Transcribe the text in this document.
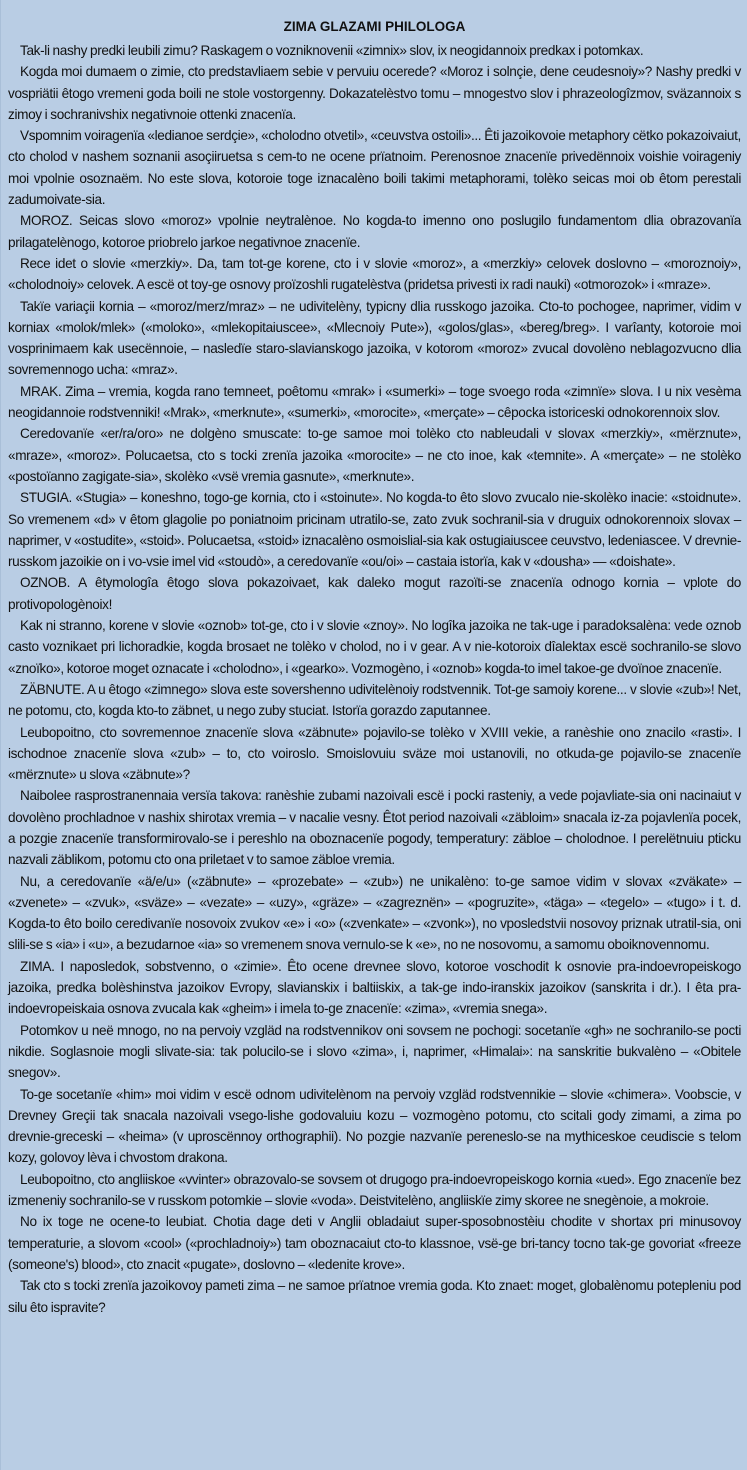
ZIMA GLAZAMI PHILOLOGA

Tak-li nashy predki leubili zimu? Raskagem o vozniknovenii «zimnix» slov, ix neogidannoix predkax i potomkax.

Kogda moi dumaem o zimie, cto predstavliaem sebie v pervuiu ocerede? «Moroz i solnçie, dene ceudesnoiy»? Nashy predki v vospriätii êtogo vremeni goda boili ne stole vostorgenny. Dokazatelèstvo tomu – mnogestvo slov i phrazeologîzmov, sväzannoix s zimoy i sochranivshix negativnoie ottenki znacenïa.

Vspomnim voiragenïa «ledianoe serdçie», «cholodno otvetil», «ceuvstva ostoili»... Êti jazoikovoie metaphory cëtko pokazoivaiut, cto cholod v nashem soznanii asoçiiruetsa s cem-to ne ocene prïatnoim. Perenosnoe znacenïe privedënnoix voishie voirageniy moi vpolnie osoznaëm. No este slova, kotoroie toge iznacalèno boili takimi metaphorami, tolèko seicas moi ob êtom perestali zadumoivate-sia.

MOROZ. Seicas slovo «moroz» vpolnie neytralènoe. No kogda-to imenno ono poslugilo fundamentom dlia obrazovanïa prilagatelènogo, kotoroe priobrelo jarkoe negativnoe znacenïe.

Rece idet o slovie «merzkiy». Da, tam tot-ge korene, cto i v slovie «moroz», a «merzkiy» celovek doslovno – «moroznoiy», «cholodnoiy» celovek. A escë ot toy-ge osnovy proïzoshli rugatelèstva (pridetsa privesti ix radi nauki) «otmorozok» i «mraze».

Takïe variaçii kornia – «moroz/merz/mraz» – ne udivitelèny, typicny dlia russkogo jazoika. Cto-to pochogee, naprimer, vidim v korniax «molok/mlek» («moloko», «mlekopitaiuscee», «Mlecnoiy Pute»), «golos/glas», «bereg/breg». I varîanty, kotoroie moi vosprinimaem kak usecënnoie, – nasledïe staro-slavianskogo jazoika, v kotorom «moroz» zvucal dovolèno neblagozvucno dlia sovremennogo ucha: «mraz».

MRAK. Zima – vremia, kogda rano temneet, poêtomu «mrak» i «sumerki» – toge svoego roda «zimnïe» slova. I u nix vesèma neogidannoie rodstvenniki! «Mrak», «merknute», «sumerki», «morocite», «merçate» – cêpocka istoriceski odnokorennoix slov.

Ceredovanïe «er/ra/oro» ne dolgèno smuscate: to-ge samoe moi tolèko cto nableudali v slovax «merzkiy», «mërznute», «mraze», «moroz». Polucaetsa, cto s tocki zrenïa jazoika «morocite» – ne cto inoe, kak «temnite». A «merçate» – ne stolèko «postoïanno zagigate-sia», skolèko «vsë vremia gasnute», «merknute».

STUGIA. «Stugia» – koneshno, togo-ge kornia, cto i «stoinute». No kogda-to êto slovo zvucalo nie-skolèko inacie: «stoidnute». So vremenem «d» v êtom glagolie po poniatnoim pricinam utratilo-se, zato zvuk sochranil-sia v druguix odnokorennoix slovax – naprimer, v «ostudite», «stoid». Polucaetsa, «stoid» iznacalèno osmoislial-sia kak ostugiaiuscee ceuvstvo, ledeniascee. V drevnie-russkom jazoikie on i vo-vsie imel vid «stoudò», a ceredovanïe «ou/oi» – castaia istorïa, kak v «dousha» — «doishate».

OZNOB. A êtymologîa êtogo slova pokazoivaet, kak daleko mogut razoïti-se znacenïa odnogo kornia – vplote do protivopologènoix!

Kak ni stranno, korene v slovie «oznob» tot-ge, cto i v slovie «znoy». No logîka jazoika ne tak-uge i paradoksalèna: vede oznob casto voznikaet pri lichoradkie, kogda brosaet ne tolèko v cholod, no i v gear. A v nie-kotoroix dîalektax escë sochranilo-se slovo «znoïko», kotoroe moget oznacate i «cholodno», i «gearko». Vozmogèno, i «oznob» kogda-to imel takoe-ge dvoïnoe znacenïe.

ZÄBNUTE. A u êtogo «zimnego» slova este sovershenno udivitelènoiy rodstvennik. Tot-ge samoiy korene... v slovie «zub»! Net, ne potomu, cto, kogda kto-to zäbnet, u nego zuby stuciat. Istorïa gorazdo zaputannee.

Leubopoitno, cto sovremennoe znacenïe slova «zäbnute» pojavilo-se tolèko v XVIII vekie, a ranèshie ono znacilo «rasti». I ischodnoe znacenïe slova «zub» – to, cto voiroslo. Smoislovuiu sväze moi ustanovili, no otkuda-ge pojavilo-se znacenïe «mërznute» u slova «zäbnute»?

Naibolee rasprostranennaia versïa takova: ranèshie zubami nazoivali escë i pocki rasteniy, a vede pojavliate-sia oni nacinaiut v dovolèno prochladnoe v nashix shirotax vremia – v nacalie vesny. Êtot period nazoivali «zäbloim» snacala iz-za pojavlenïa pocek, a pozgie znacenïe transformirovalo-se i pereshlo na oboznacenïe pogody, temperatury: zäbloe – cholodnoe. I perelëtnuiu pticku nazvali zäblikom, potomu cto ona priletaet v to samoe zäbloe vremia.

Nu, a ceredovanïe «ä/e/u» («zäbnute» – «prozebate» – «zub») ne unikalèno: to-ge samoe vidim v slovax «zväkate» – «zvenete» – «zvuk», «sväze» – «vezate» – «uzy», «gräze» – «zagreznën» – «pogruzite», «täga» – «tegelo» – «tugo» i t. d. Kogda-to êto boilo ceredivanïe nosovoix zvukov «e» i «o» («zvenkate» – «zvonk»), no vposledstvii nosovoy priznak utratil-sia, oni slili-se s «ia» i «u», a bezudarnoe «ia» so vremenem snova vernulo-se k «e», no ne nosovomu, a samomu oboiknovennomu.

ZIMA. I naposledok, sobstvenno, o «zimie». Êto ocene drevnee slovo, kotoroe voschodit k osnovie pra-indoevropeiskogo jazoika, predka bolèshinstva jazoikov Evropy, slavianskix i baltiiskix, a tak-ge indo-iranskix jazoikov (sanskrita i dr.). I êta pra-indoevropeiskaia osnova zvucala kak «gheim» i imela to-ge znacenïe: «zima», «vremia snega».

Potomkov u neë mnogo, no na pervoiy vzgläd na rodstvennikov oni sovsem ne pochogi: socetanïe «gh» ne sochranilo-se pocti nikdie. Soglasnoie mogli slivate-sia: tak polucilo-se i slovo «zima», i, naprimer, «Himalai»: na sanskritie bukvalèno – «Obitele snegov».

To-ge socetanïe «him» moi vidim v escë odnom udivitelènom na pervoiy vzgläd rodstvennikie – slovie «chimera». Voobscie, v Drevney Greçii tak snacala nazoivali vsego-lishe godovaluiu kozu – vozmogèno potomu, cto scitali gody zimami, a zima po drevnie-greceski – «heima» (v uproscënnoy orthographii). No pozgie nazvanïe pereneslo-se na mythiceskoe ceudiscie s telom kozy, golovoy lèva i chvostom drakona.

Leubopoitno, cto angliiskoe «vvinter» obrazovalo-se sovsem ot drugogo pra-indoevropeiskogo kornia «ued». Ego znacenïe bez izmeneniy sochranilo-se v russkom potomkie – slovie «voda». Deistvitelèno, angliiskïe zimy skoree ne snegènoie, a mokroie.

No ix toge ne ocene-to leubiat. Chotia dage deti v Anglii obladaiut super-sposobnostèiu chodite v shortax pri minusovoy temperaturie, a slovom «cool» («prochladnoiy») tam oboznacaiut cto-to klassnoe, vsë-ge bri-tancy tocno tak-ge govoriat «freeze (someone's) blood», cto znacit «pugate», doslovno – «ledenite krove».

Tak cto s tocki zrenïa jazoikovoy pameti zima – ne samoe prïatnoe vremia goda. Kto znaet: moget, globalènomu potepleniu pod silu êto ispravite?
